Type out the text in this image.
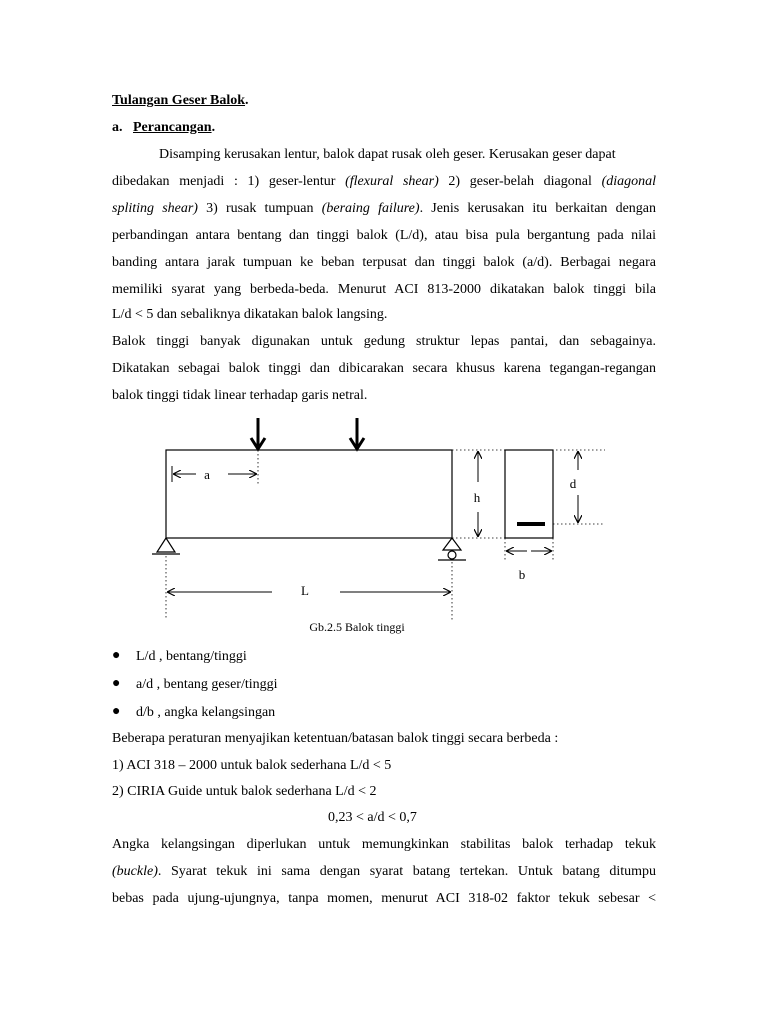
Tulangan Geser Balok.
a. Perancangan.
Disamping kerusakan lentur, balok dapat rusak oleh geser. Kerusakan geser dapat
dibedakan menjadi : 1) geser-lentur (flexural shear) 2) geser-belah diagonal (diagonal
spliting shear) 3) rusak tumpuan (beraing failure). Jenis kerusakan itu berkaitan dengan
perbandingan antara bentang dan tinggi balok (L/d), atau bisa pula bergantung pada nilai
banding antara jarak tumpuan ke beban terpusat dan tinggi balok (a/d). Berbagai negara
memiliki syarat yang berbeda-beda. Menurut ACI 813-2000 dikatakan balok tinggi bila
L/d < 5 dan sebaliknya dikatakan balok langsing.
Balok tinggi banyak digunakan untuk gedung struktur lepas pantai, dan sebagainya.
Dikatakan sebagai balok tinggi dan dibicarakan secara khusus karena tegangan-regangan
balok tinggi tidak linear terhadap garis netral.
a
h
d
b
L
Gb.2.5 Balok tinggi
● L/d , bentang/tinggi
● a/d , bentang geser/tinggi
● d/b , angka kelangsingan
Beberapa peraturan menyajikan ketentuan/batasan balok tinggi secara berbeda :
1) ACI 318 – 2000 untuk balok sederhana L/d < 5
2) CIRIA Guide untuk balok sederhana L/d < 2
0,23 < a/d < 0,7
Angka kelangsingan diperlukan untuk memungkinkan stabilitas balok terhadap tekuk
(buckle). Syarat tekuk ini sama dengan syarat batang tertekan. Untuk batang ditumpu
bebas pada ujung-ujungnya, tanpa momen, menurut ACI 318-02 faktor tekuk sebesar <
